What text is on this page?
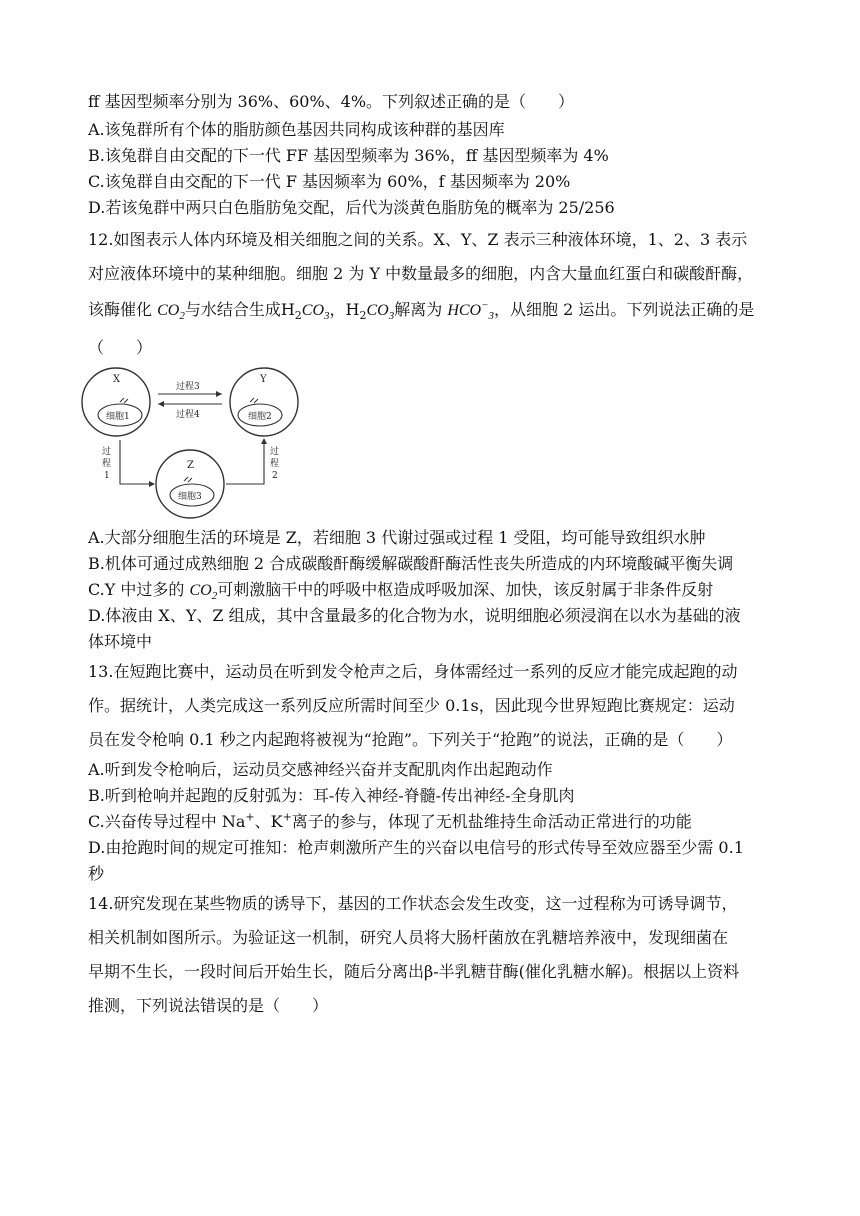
ff 基因型频率分别为 36%、60%、4%。下列叙述正确的是（　　）
A.该兔群所有个体的脂肪颜色基因共同构成该种群的基因库
B.该兔群自由交配的下一代 FF 基因型频率为 36%，ff 基因型频率为 4%
C.该兔群自由交配的下一代 F 基因频率为 60%，f 基因频率为 20%
D.若该兔群中两只白色脂肪兔交配，后代为淡黄色脂肪兔的概率为 25/256
12.如图表示人体内环境及相关细胞之间的关系。X、Y、Z 表示三种液体环境，1、2、3 表示
对应液体环境中的某种细胞。细胞 2 为 Y 中数量最多的细胞，内含大量血红蛋白和碳酸酐酶，
该酶催化 $CO_2$与水结合生成$H_2CO_3$，$H_2CO_3$解离为 $HCO^-_3$，从细胞 2 运出。下列说法正确的是
（　　）
X
细胞1
Y
细胞2
Z
细胞3
过程3
过程4
过
程
1
过
程
2
A.大部分细胞生活的环境是 Z，若细胞 3 代谢过强或过程 1 受阻，均可能导致组织水肿
B.机体可通过成熟细胞 2 合成碳酸酐酶缓解碳酸酐酶活性丧失所造成的内环境酸碱平衡失调
C.Y 中过多的 $CO_2$可刺激脑干中的呼吸中枢造成呼吸加深、加快，该反射属于非条件反射
D.体液由 X、Y、Z 组成，其中含量最多的化合物为水，说明细胞必须浸润在以水为基础的液
体环境中
13.在短跑比赛中，运动员在听到发令枪声之后，身体需经过一系列的反应才能完成起跑的动
作。据统计，人类完成这一系列反应所需时间至少 0.1s，因此现今世界短跑比赛规定：运动
员在发令枪响 0.1 秒之内起跑将被视为“抢跑”。下列关于“抢跑”的说法，正确的是（　　）
A.听到发令枪响后，运动员交感神经兴奋并支配肌肉作出起跑动作
B.听到枪响并起跑的反射弧为：耳-传入神经-脊髓-传出神经-全身肌肉
C.兴奋传导过程中 Na+、K+离子的参与，体现了无机盐维持生命活动正常进行的功能
D.由抢跑时间的规定可推知：枪声刺激所产生的兴奋以电信号的形式传导至效应器至少需 0.1
秒
14.研究发现在某些物质的诱导下，基因的工作状态会发生改变，这一过程称为可诱导调节，
相关机制如图所示。为验证这一机制，研究人员将大肠杆菌放在乳糖培养液中，发现细菌在
早期不生长，一段时间后开始生长，随后分离出β-半乳糖苷酶(催化乳糖水解)。根据以上资料
推测，下列说法错误的是（　　）
